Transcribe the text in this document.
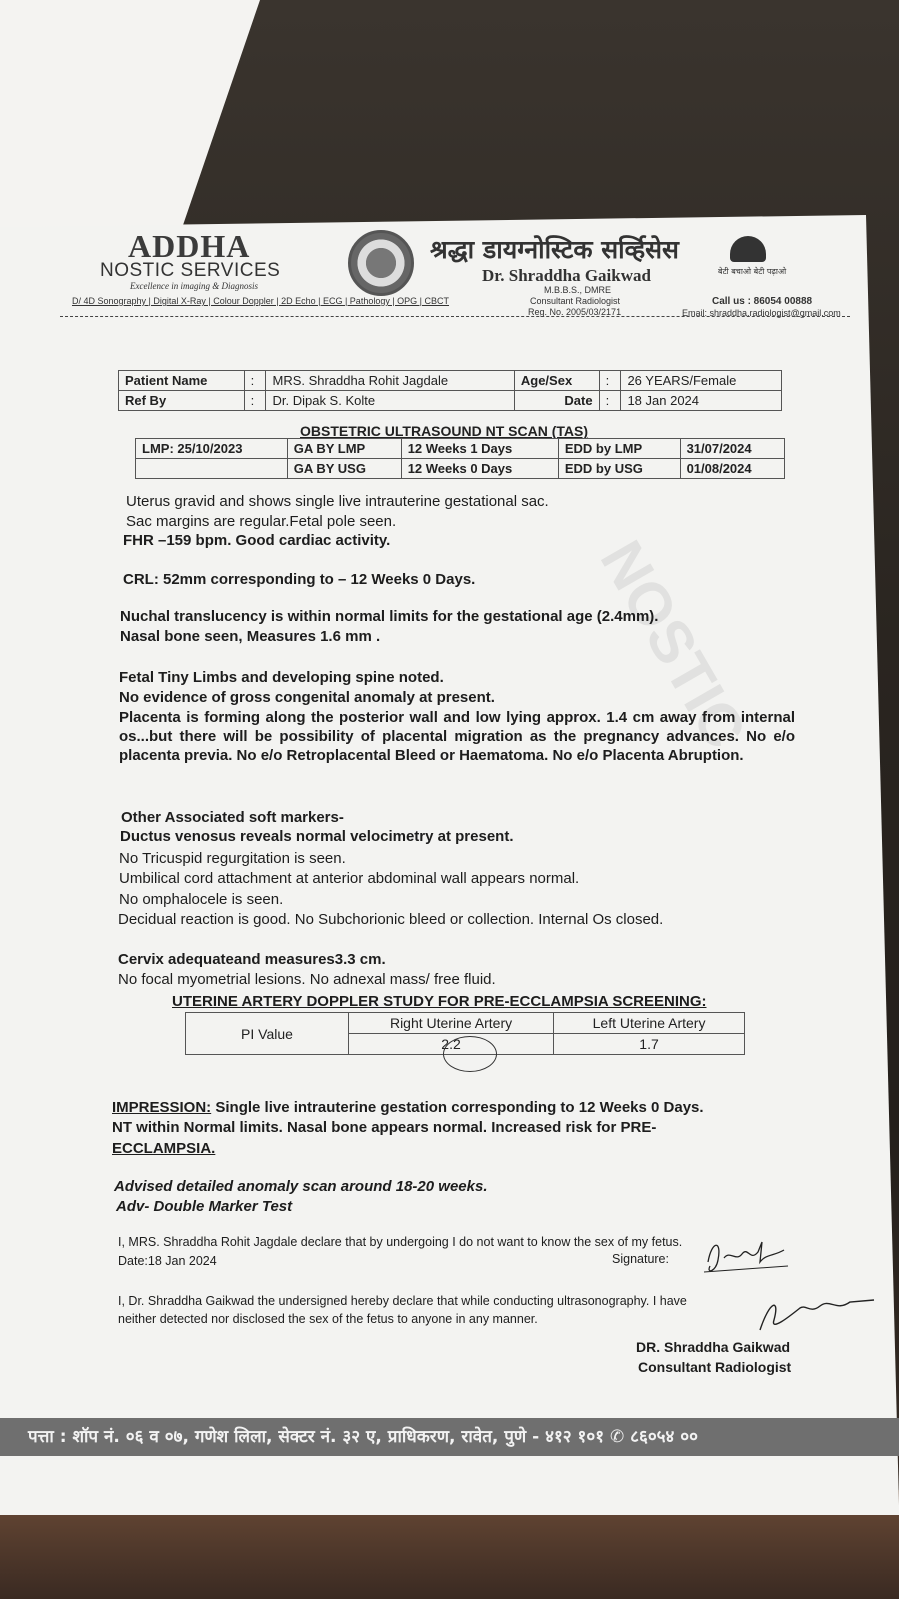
ADDHA
NOSTIC SERVICES
Excellence in imaging & Diagnosis
D/ 4D Sonography | Digital X-Ray | Colour Doppler | 2D Echo | ECG | Pathology | OPG | CBCT
श्रद्धा डायग्नोस्टिक सर्व्हिसेस
Dr. Shraddha Gaikwad
M.B.B.S., DMRE
Consultant Radiologist
Reg. No. 2005/03/2171
बेटी बचाओ बेटी पढ़ाओ
Call us : 86054 00888
Email: shraddha.radiologist@gmail.com
NOSTIC
Patient Name	:	MRS. Shraddha Rohit Jagdale	Age/Sex	:	26 YEARS/Female
Ref By	:	Dr. Dipak S. Kolte	Date	:	18 Jan 2024
OBSTETRIC ULTRASOUND NT SCAN (TAS)
LMP: 25/10/2023	GA BY LMP	12 Weeks 1 Days	EDD by LMP	31/07/2024
	GA BY USG	12 Weeks 0 Days	EDD by USG	01/08/2024
Uterus gravid and shows single live intrauterine gestational sac.
Sac margins are regular.Fetal pole seen.
FHR –159 bpm. Good cardiac activity.
CRL: 52mm corresponding to – 12 Weeks 0 Days.
Nuchal translucency is within normal limits for the gestational age (2.4mm).
Nasal bone seen, Measures 1.6 mm .
Fetal Tiny Limbs and developing spine noted.
No evidence of gross congenital anomaly at present.
Placenta is forming along the posterior wall and low lying approx. 1.4 cm away from internal os...but there will be possibility of placental migration as the pregnancy advances. No e/o placenta previa. No e/o Retroplacental Bleed or Haematoma. No e/o Placenta Abruption.
Other Associated soft markers-
Ductus venosus reveals normal velocimetry at present.
No Tricuspid regurgitation is seen.
Umbilical cord attachment at anterior abdominal wall appears normal.
No omphalocele is seen.
Decidual reaction is good. No Subchorionic bleed or collection. Internal Os closed.
Cervix adequateand measures3.3 cm.
No focal myometrial lesions. No adnexal mass/ free fluid.
UTERINE ARTERY DOPPLER STUDY FOR PRE-ECCLAMPSIA SCREENING:
PI Value	Right Uterine Artery	Left Uterine Artery
	2.2	1.7
IMPRESSION: Single live intrauterine gestation corresponding to 12 Weeks 0 Days.
NT within Normal limits. Nasal bone appears normal. Increased risk for PRE-
ECCLAMPSIA.
Advised detailed anomaly scan around 18-20 weeks.
Adv- Double Marker Test
I, MRS. Shraddha Rohit Jagdale declare that by undergoing I do not want to know the sex of my fetus.
Date:18 Jan 2024	Signature:
I, Dr. Shraddha Gaikwad the undersigned hereby declare that while conducting ultrasonography. I have
neither detected nor disclosed the sex of the fetus to anyone in any manner.
DR. Shraddha Gaikwad
Consultant Radiologist
पत्ता : शॉप नं. ०६ व ०७, गणेश लिला, सेक्टर नं. ३२ ए, प्राधिकरण, रावेत, पुणे - ४१२ १०१ ✆ ८६०५४ ००
